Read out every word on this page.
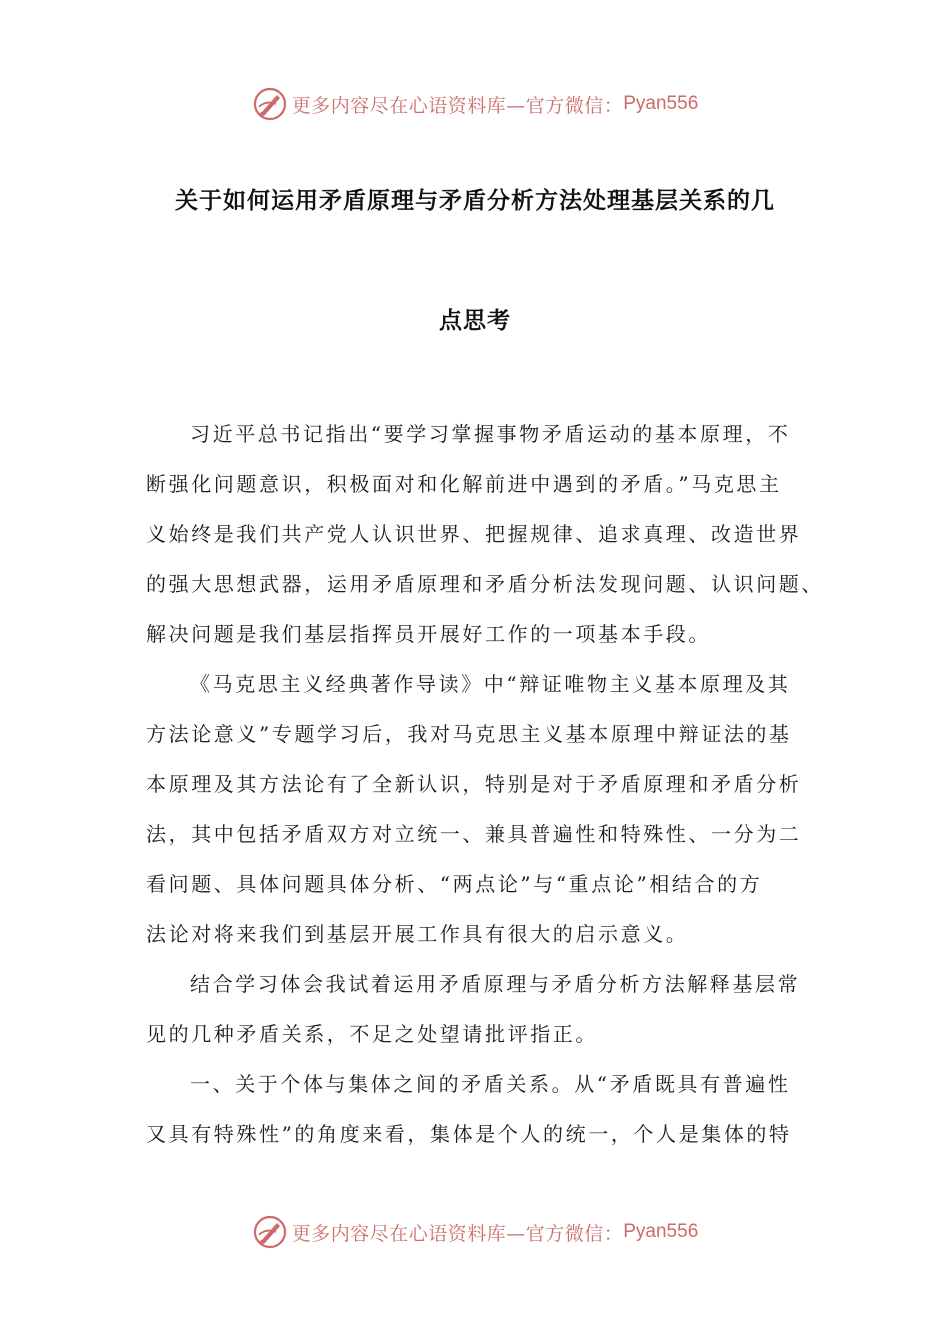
更多内容尽在心语资料库—官方微信： Pyan556
关于如何运用矛盾原理与矛盾分析方法处理基层关系的几
点思考
习近平总书记指出“要学习掌握事物矛盾运动的基本原理，不
断强化问题意识，积极面对和化解前进中遇到的矛盾。”马克思主
义始终是我们共产党人认识世界、把握规律、追求真理、改造世界
的强大思想武器，运用矛盾原理和矛盾分析法发现问题、认识问题、
解决问题是我们基层指挥员开展好工作的一项基本手段。
《马克思主义经典著作导读》中“辩证唯物主义基本原理及其
方法论意义”专题学习后，我对马克思主义基本原理中辩证法的基
本原理及其方法论有了全新认识，特别是对于矛盾原理和矛盾分析
法，其中包括矛盾双方对立统一、兼具普遍性和特殊性、一分为二
看问题、具体问题具体分析、“两点论”与“重点论”相结合的方
法论对将来我们到基层开展工作具有很大的启示意义。
结合学习体会我试着运用矛盾原理与矛盾分析方法解释基层常
见的几种矛盾关系，不足之处望请批评指正。
一、关于个体与集体之间的矛盾关系。从“矛盾既具有普遍性
又具有特殊性”的角度来看，集体是个人的统一，个人是集体的特
更多内容尽在心语资料库—官方微信： Pyan556
